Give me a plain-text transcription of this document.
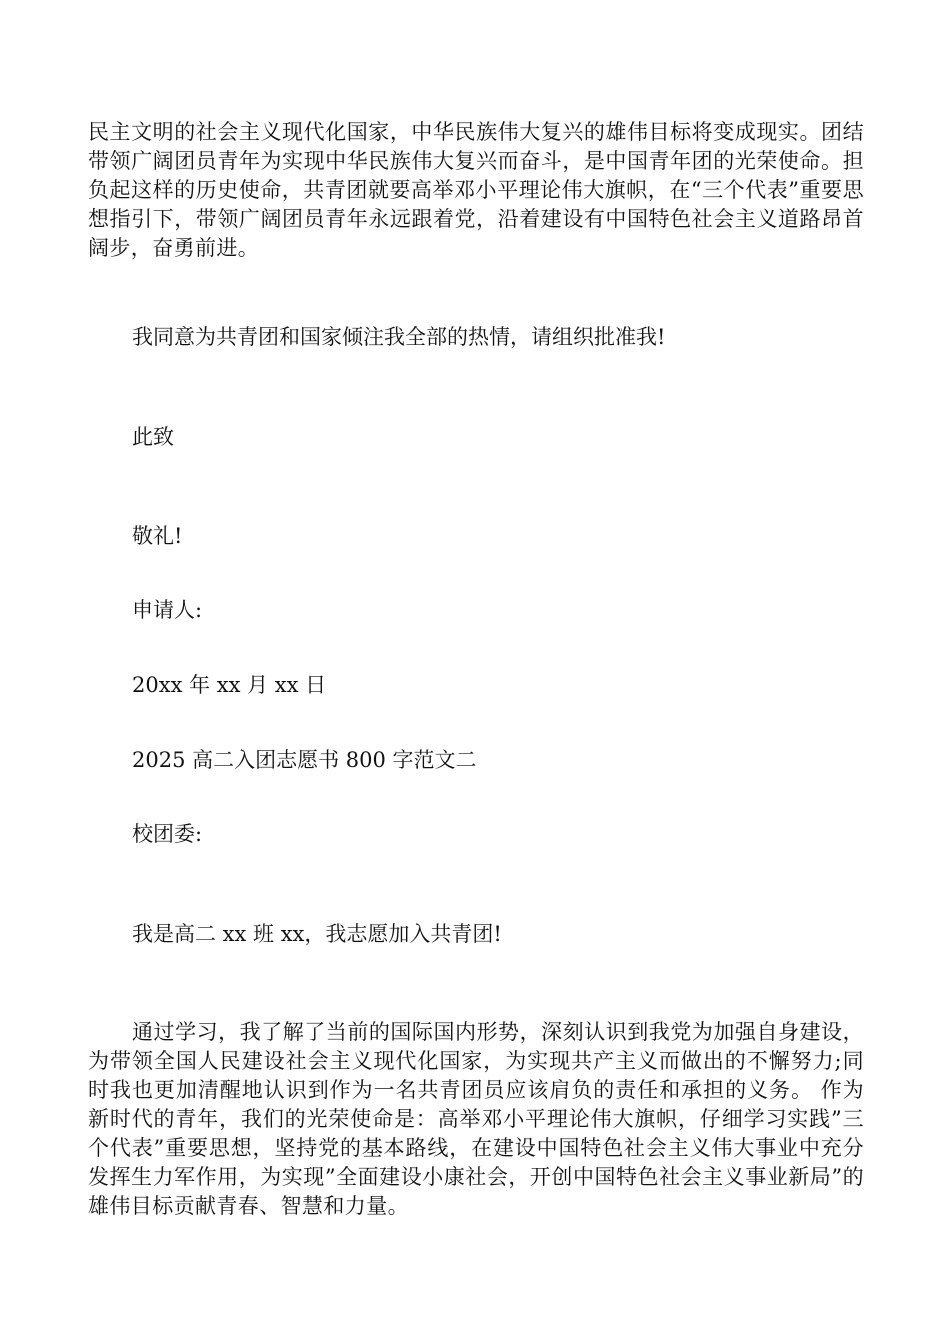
民主文明的社会主义现代化国家，中华民族伟大复兴的雄伟目标将变成现实。团结带领广阔团员青年为实现中华民族伟大复兴而奋斗，是中国青年团的光荣使命。担负起这样的历史使命，共青团就要高举邓小平理论伟大旗帜，在“三个代表”重要思想指引下，带领广阔团员青年永远跟着党，沿着建设有中国特色社会主义道路昂首阔步，奋勇前进。

我同意为共青团和国家倾注我全部的热情，请组织批准我!

此致

敬礼!

申请人:

20xx 年 xx 月 xx 日

2025 高二入团志愿书 800 字范文二

校团委:

我是高二 xx 班 xx，我志愿加入共青团!

通过学习，我了解了当前的国际国内形势，深刻认识到我党为加强自身建设，为带领全国人民建设社会主义现代化国家，为实现共产主义而做出的不懈努力;同时我也更加清醒地认识到作为一名共青团员应该肩负的责任和承担的义务。 作为新时代的青年，我们的光荣使命是：高举邓小平理论伟大旗帜，仔细学习实践”三个代表”重要思想，坚持党的基本路线，在建设中国特色社会主义伟大事业中充分发挥生力军作用，为实现”全面建设小康社会，开创中国特色社会主义事业新局”的雄伟目标贡献青春、智慧和力量。
